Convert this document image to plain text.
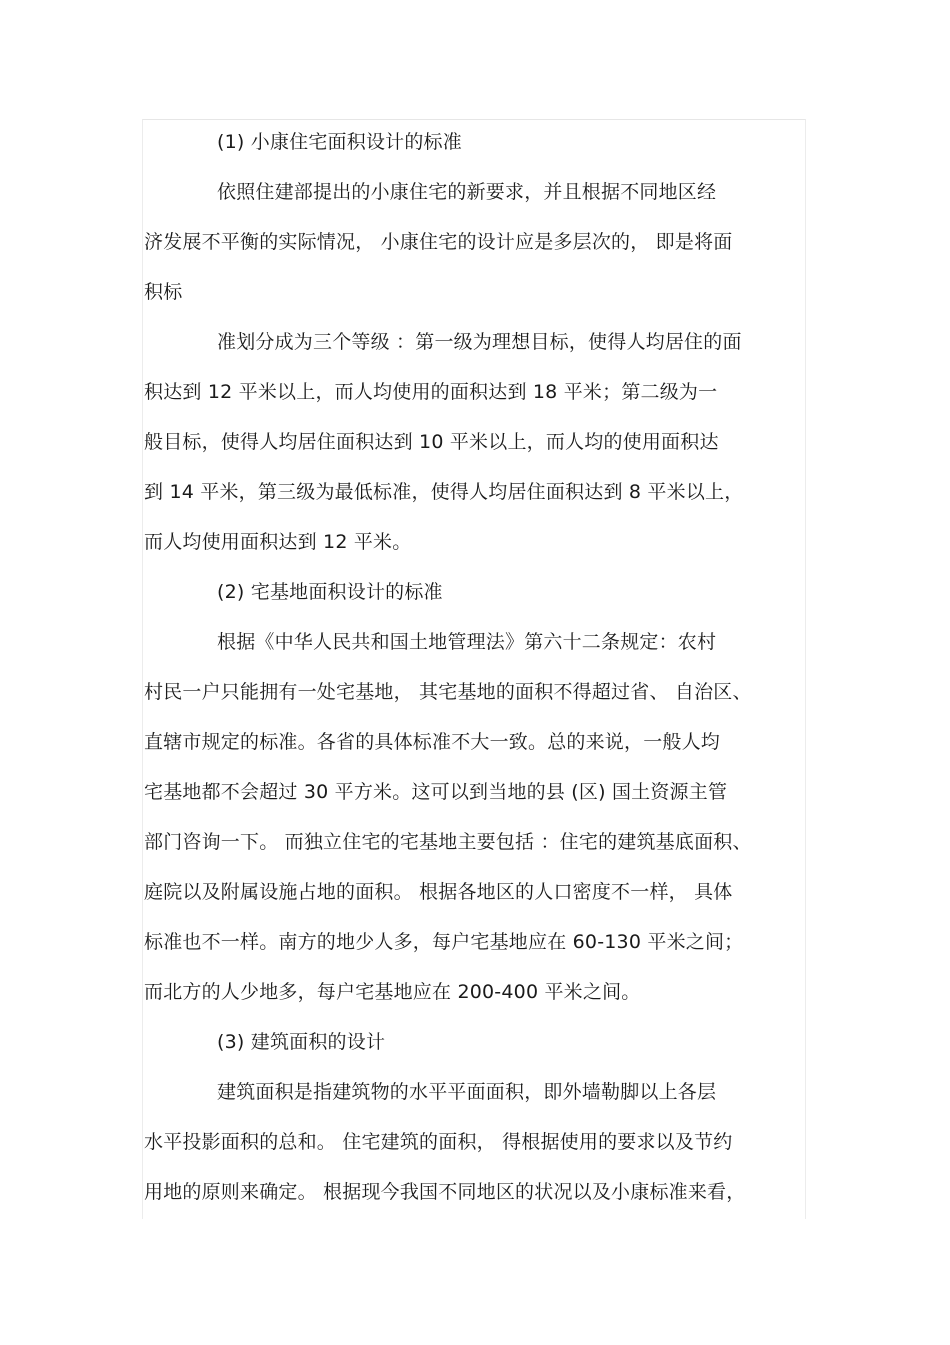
(1) 小康住宅面积设计的标准
依照住建部提出的小康住宅的新要求，并且根据不同地区经
济发展不平衡的实际情况， 小康住宅的设计应是多层次的， 即是将面
积标
准划分成为三个等级 ：第一级为理想目标，使得人均居住的面
积达到 12 平米以上，而人均使用的面积达到 18 平米；第二级为一
般目标，使得人均居住面积达到 10 平米以上，而人均的使用面积达
到 14 平米，第三级为最低标准，使得人均居住面积达到 8 平米以上，
而人均使用面积达到 12 平米。
(2) 宅基地面积设计的标准
根据《中华人民共和国土地管理法》第六十二条规定：农村
村民一户只能拥有一处宅基地， 其宅基地的面积不得超过省、 自治区、
直辖市规定的标准。各省的具体标准不大一致。总的来说，一般人均
宅基地都不会超过 30 平方米。这可以到当地的县 (区) 国土资源主管
部门咨询一下。 而独立住宅的宅基地主要包括 ：住宅的建筑基底面积、
庭院以及附属设施占地的面积。 根据各地区的人口密度不一样， 具体
标准也不一样。南方的地少人多，每户宅基地应在 60-130 平米之间；
而北方的人少地多，每户宅基地应在 200-400 平米之间。
(3) 建筑面积的设计
建筑面积是指建筑物的水平平面面积，即外墙勒脚以上各层
水平投影面积的总和。 住宅建筑的面积， 得根据使用的要求以及节约
用地的原则来确定。 根据现今我国不同地区的状况以及小康标准来看，
